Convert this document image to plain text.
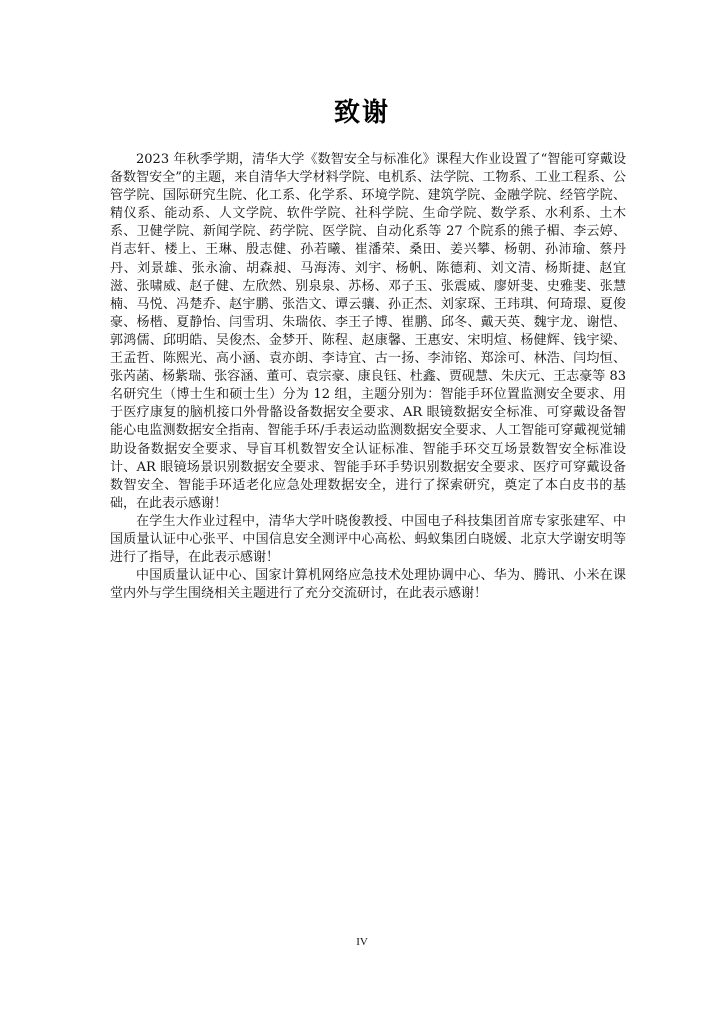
致谢

2023 年秋季学期，清华大学《数智安全与标准化》课程大作业设置了“智能可穿戴设备数智安全”的主题，来自清华大学材料学院、电机系、法学院、工物系、工业工程系、公管学院、国际研究生院、化工系、化学系、环境学院、建筑学院、金融学院、经管学院、精仪系、能动系、人文学院、软件学院、社科学院、生命学院、数学系、水利系、土木系、卫健学院、新闻学院、药学院、医学院、自动化系等 27 个院系的熊子楣、李云婷、肖志轩、楼上、王琳、殷志健、孙若曦、崔潘荣、桑田、姜兴攀、杨朝、孙沛瑜、蔡丹丹、刘景雄、张永渝、胡森昶、马海涛、刘宇、杨帆、陈德莉、刘文清、杨斯捷、赵宜滋、张啸威、赵子健、左欣然、别泉泉、苏杨、邓子玉、张震威、廖妍斐、史雅斐、张慧楠、马悦、冯楚乔、赵宇鹏、张浩文、谭云骧、孙正杰、刘家琛、王玮琪、何琦璟、夏俊豪、杨楷、夏静怡、闫雪玥、朱瑞依、李王子博、崔鹏、邱冬、戴天英、魏宇龙、谢恺、郭鸿儒、邱明皓、吴俊杰、金梦开、陈程、赵康馨、王惠安、宋明煊、杨健辉、钱宇梁、王孟哲、陈熙光、高小涵、袁亦朗、李诗宜、古一扬、李沛铭、郑涂可、林浩、闫均恒、张芮菡、杨紫瑞、张容涵、董可、袁宗豪、康良钰、杜鑫、贾砚慧、朱庆元、王志豪等 83 名研究生（博士生和硕士生）分为 12 组，主题分别为：智能手环位置监测安全要求、用于医疗康复的脑机接口外骨骼设备数据安全要求、AR 眼镜数据安全标准、可穿戴设备智能心电监测数据安全指南、智能手环/手表运动监测数据安全要求、人工智能可穿戴视觉辅助设备数据安全要求、导盲耳机数智安全认证标准、智能手环交互场景数智安全标准设计、AR 眼镜场景识别数据安全要求、智能手环手势识别数据安全要求、医疗可穿戴设备数智安全、智能手环适老化应急处理数据安全，进行了探索研究，奠定了本白皮书的基础，在此表示感谢！

在学生大作业过程中，清华大学叶晓俊教授、中国电子科技集团首席专家张建军、中国质量认证中心张平、中国信息安全测评中心高松、蚂蚁集团白晓媛、北京大学谢安明等进行了指导，在此表示感谢！

中国质量认证中心、国家计算机网络应急技术处理协调中心、华为、腾讯、小米在课堂内外与学生围绕相关主题进行了充分交流研讨，在此表示感谢！

IV
